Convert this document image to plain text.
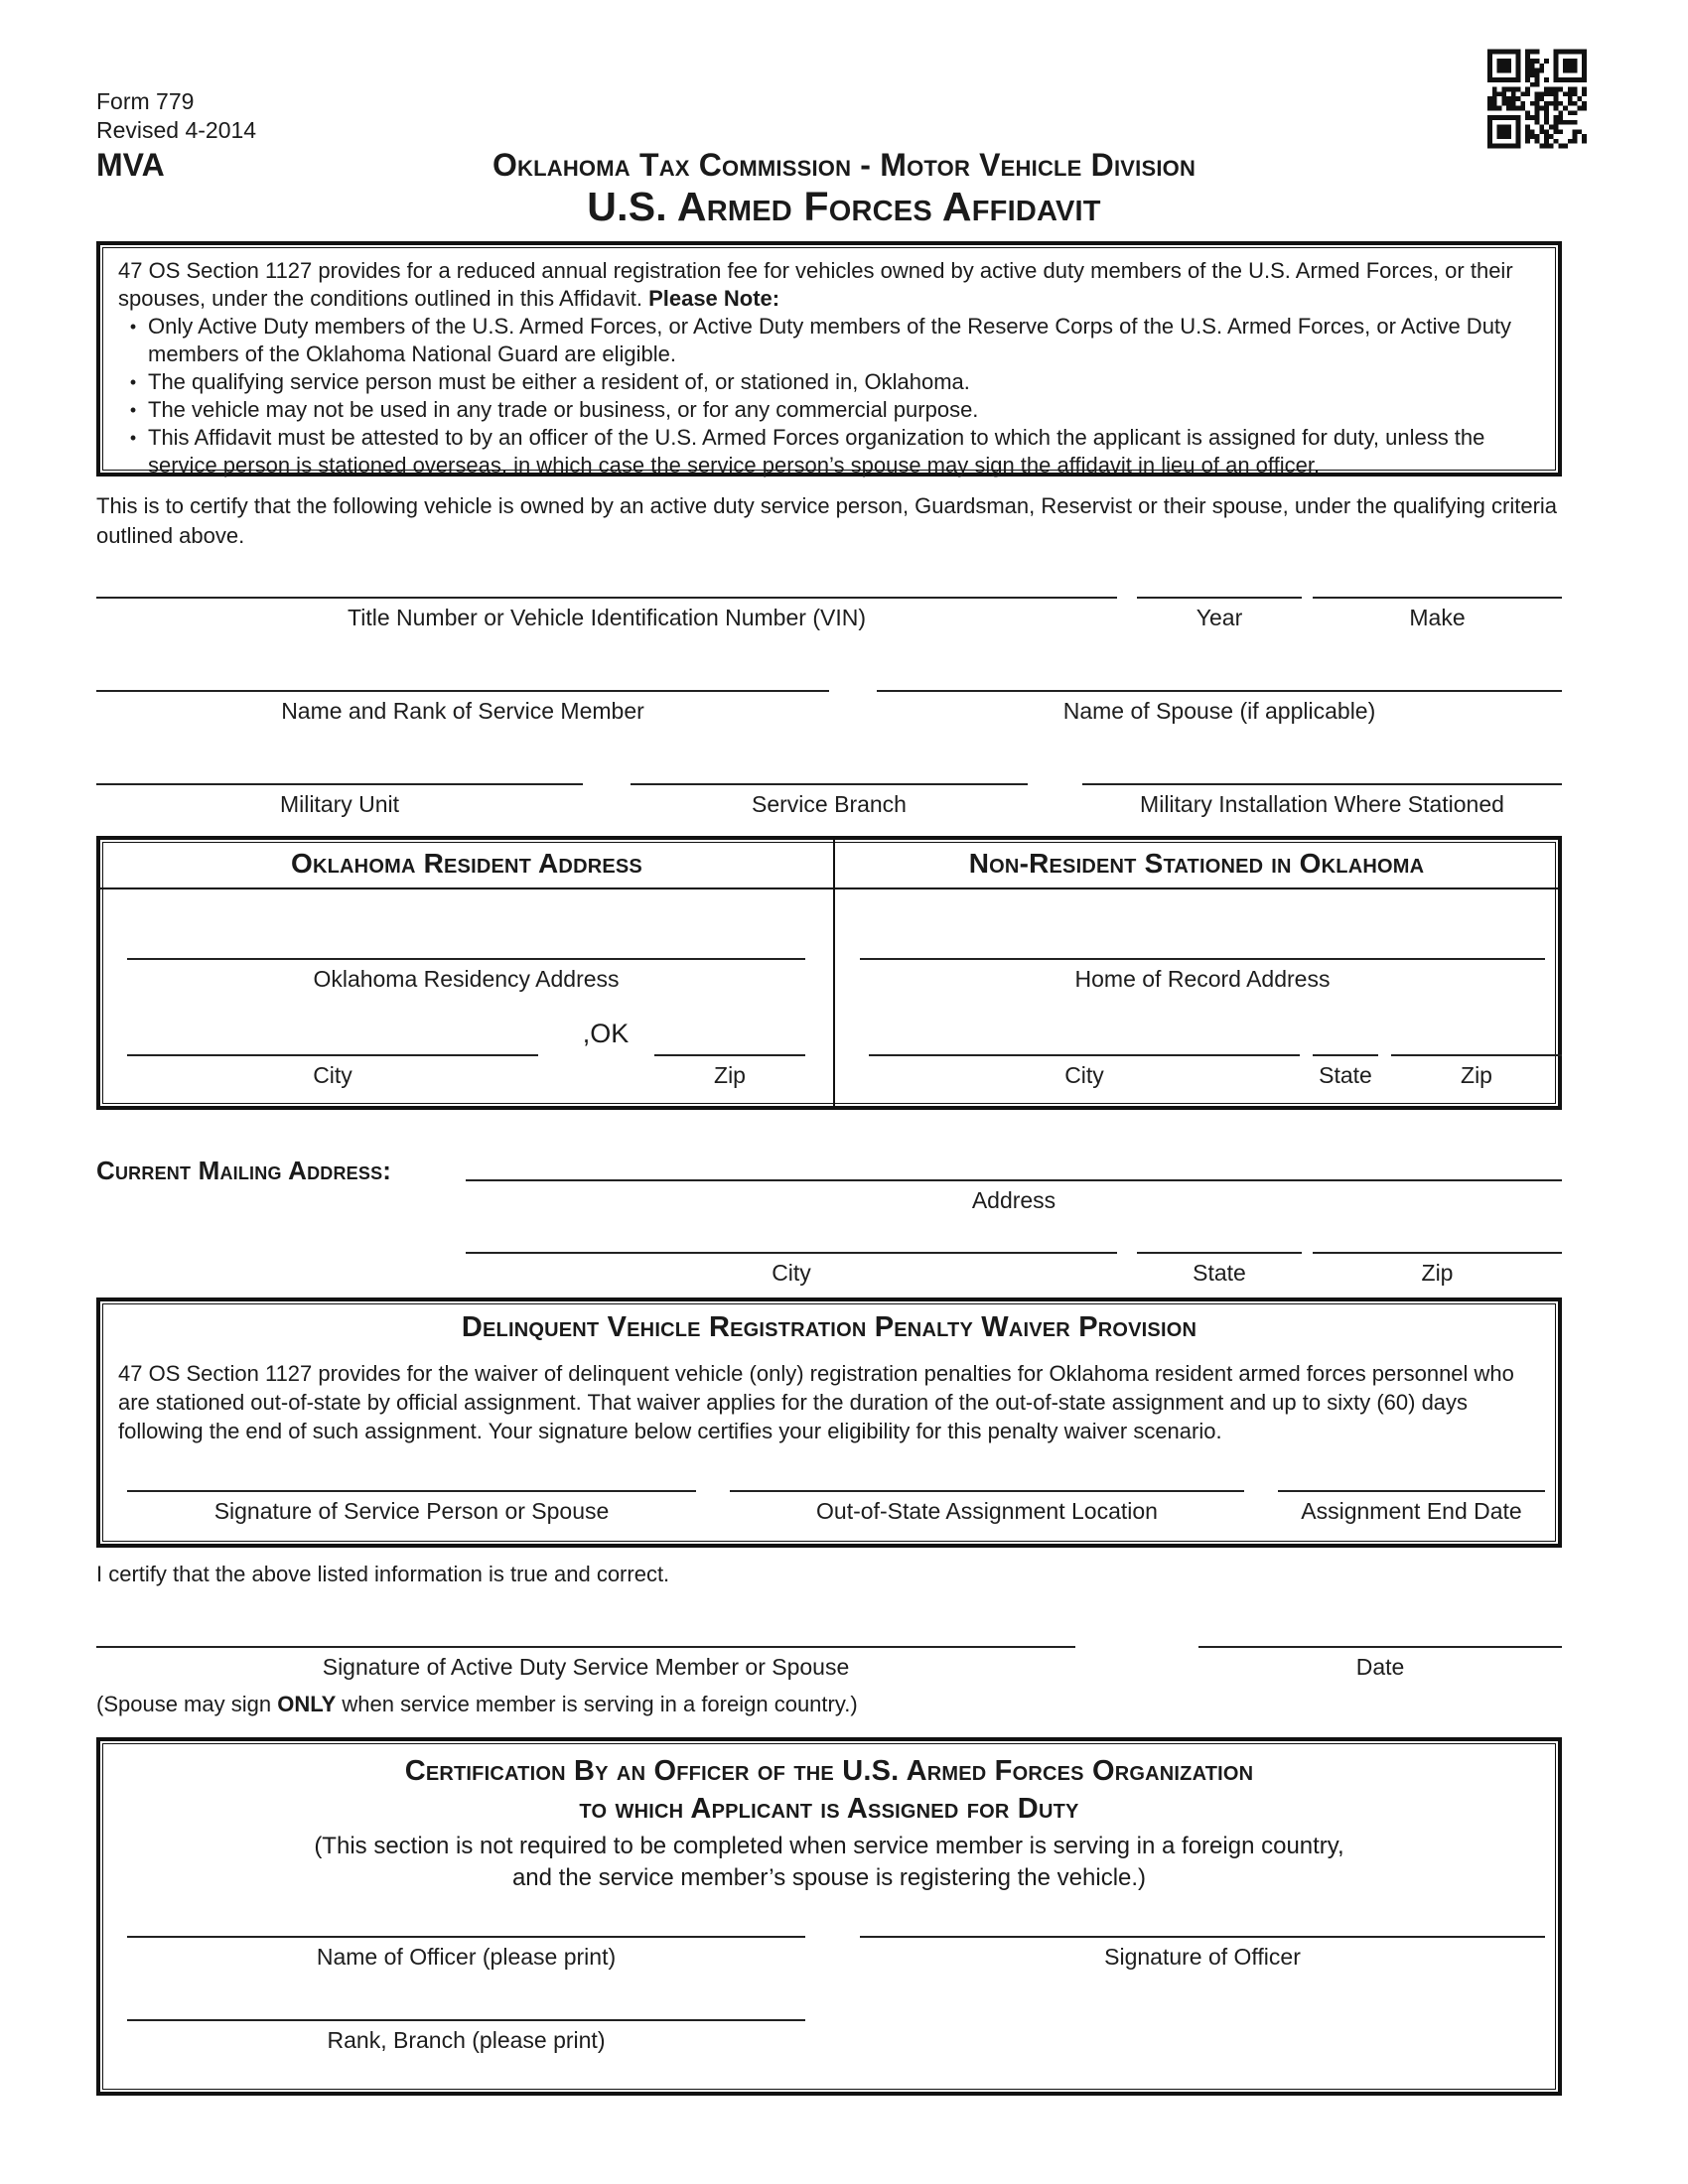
Form 779
Revised 4-2014
MVA	Oklahoma Tax Commission - Motor Vehicle Division
U.S. Armed Forces Affidavit
47 OS Section 1127 provides for a reduced annual registration fee for vehicles owned by active duty members of the U.S. Armed Forces, or their spouses, under the conditions outlined in this Affidavit. Please Note:
• Only Active Duty members of the U.S. Armed Forces, or Active Duty members of the Reserve Corps of the U.S. Armed Forces, or Active Duty members of the Oklahoma National Guard are eligible.
• The qualifying service person must be either a resident of, or stationed in, Oklahoma.
• The vehicle may not be used in any trade or business, or for any commercial purpose.
• This Affidavit must be attested to by an officer of the U.S. Armed Forces organization to which the applicant is assigned for duty, unless the service person is stationed overseas, in which case the service person’s spouse may sign the affidavit in lieu of an officer.
This is to certify that the following vehicle is owned by an active duty service person, Guardsman, Reservist or their spouse, under the qualifying criteria outlined above.
Title Number or Vehicle Identification Number (VIN)	Year	Make
Name and Rank of Service Member	Name of Spouse (if applicable)
Military Unit	Service Branch	Military Installation Where Stationed
Oklahoma Resident Address	Non-Resident Stationed in Oklahoma
Oklahoma Residency Address
City
,OK
Zip
Home of Record Address
City	State	Zip
Current Mailing Address:
Address
City	State	Zip
Delinquent Vehicle Registration Penalty Waiver Provision
47 OS Section 1127 provides for the waiver of delinquent vehicle (only) registration penalties for Oklahoma resident armed forces personnel who are stationed out-of-state by official assignment. That waiver applies for the duration of the out-of-state assignment and up to sixty (60) days following the end of such assignment. Your signature below certifies your eligibility for this penalty waiver scenario.
Signature of Service Person or Spouse	Out-of-State Assignment Location	Assignment End Date
I certify that the above listed information is true and correct.
Signature of Active Duty Service Member or Spouse	Date
(Spouse may sign ONLY when service member is serving in a foreign country.)
Certification By an Officer of the U.S. Armed Forces Organization
to which Applicant is Assigned for Duty
(This section is not required to be completed when service member is serving in a foreign country,
and the service member’s spouse is registering the vehicle.)
Name of Officer (please print)	Signature of Officer
Rank, Branch (please print)
